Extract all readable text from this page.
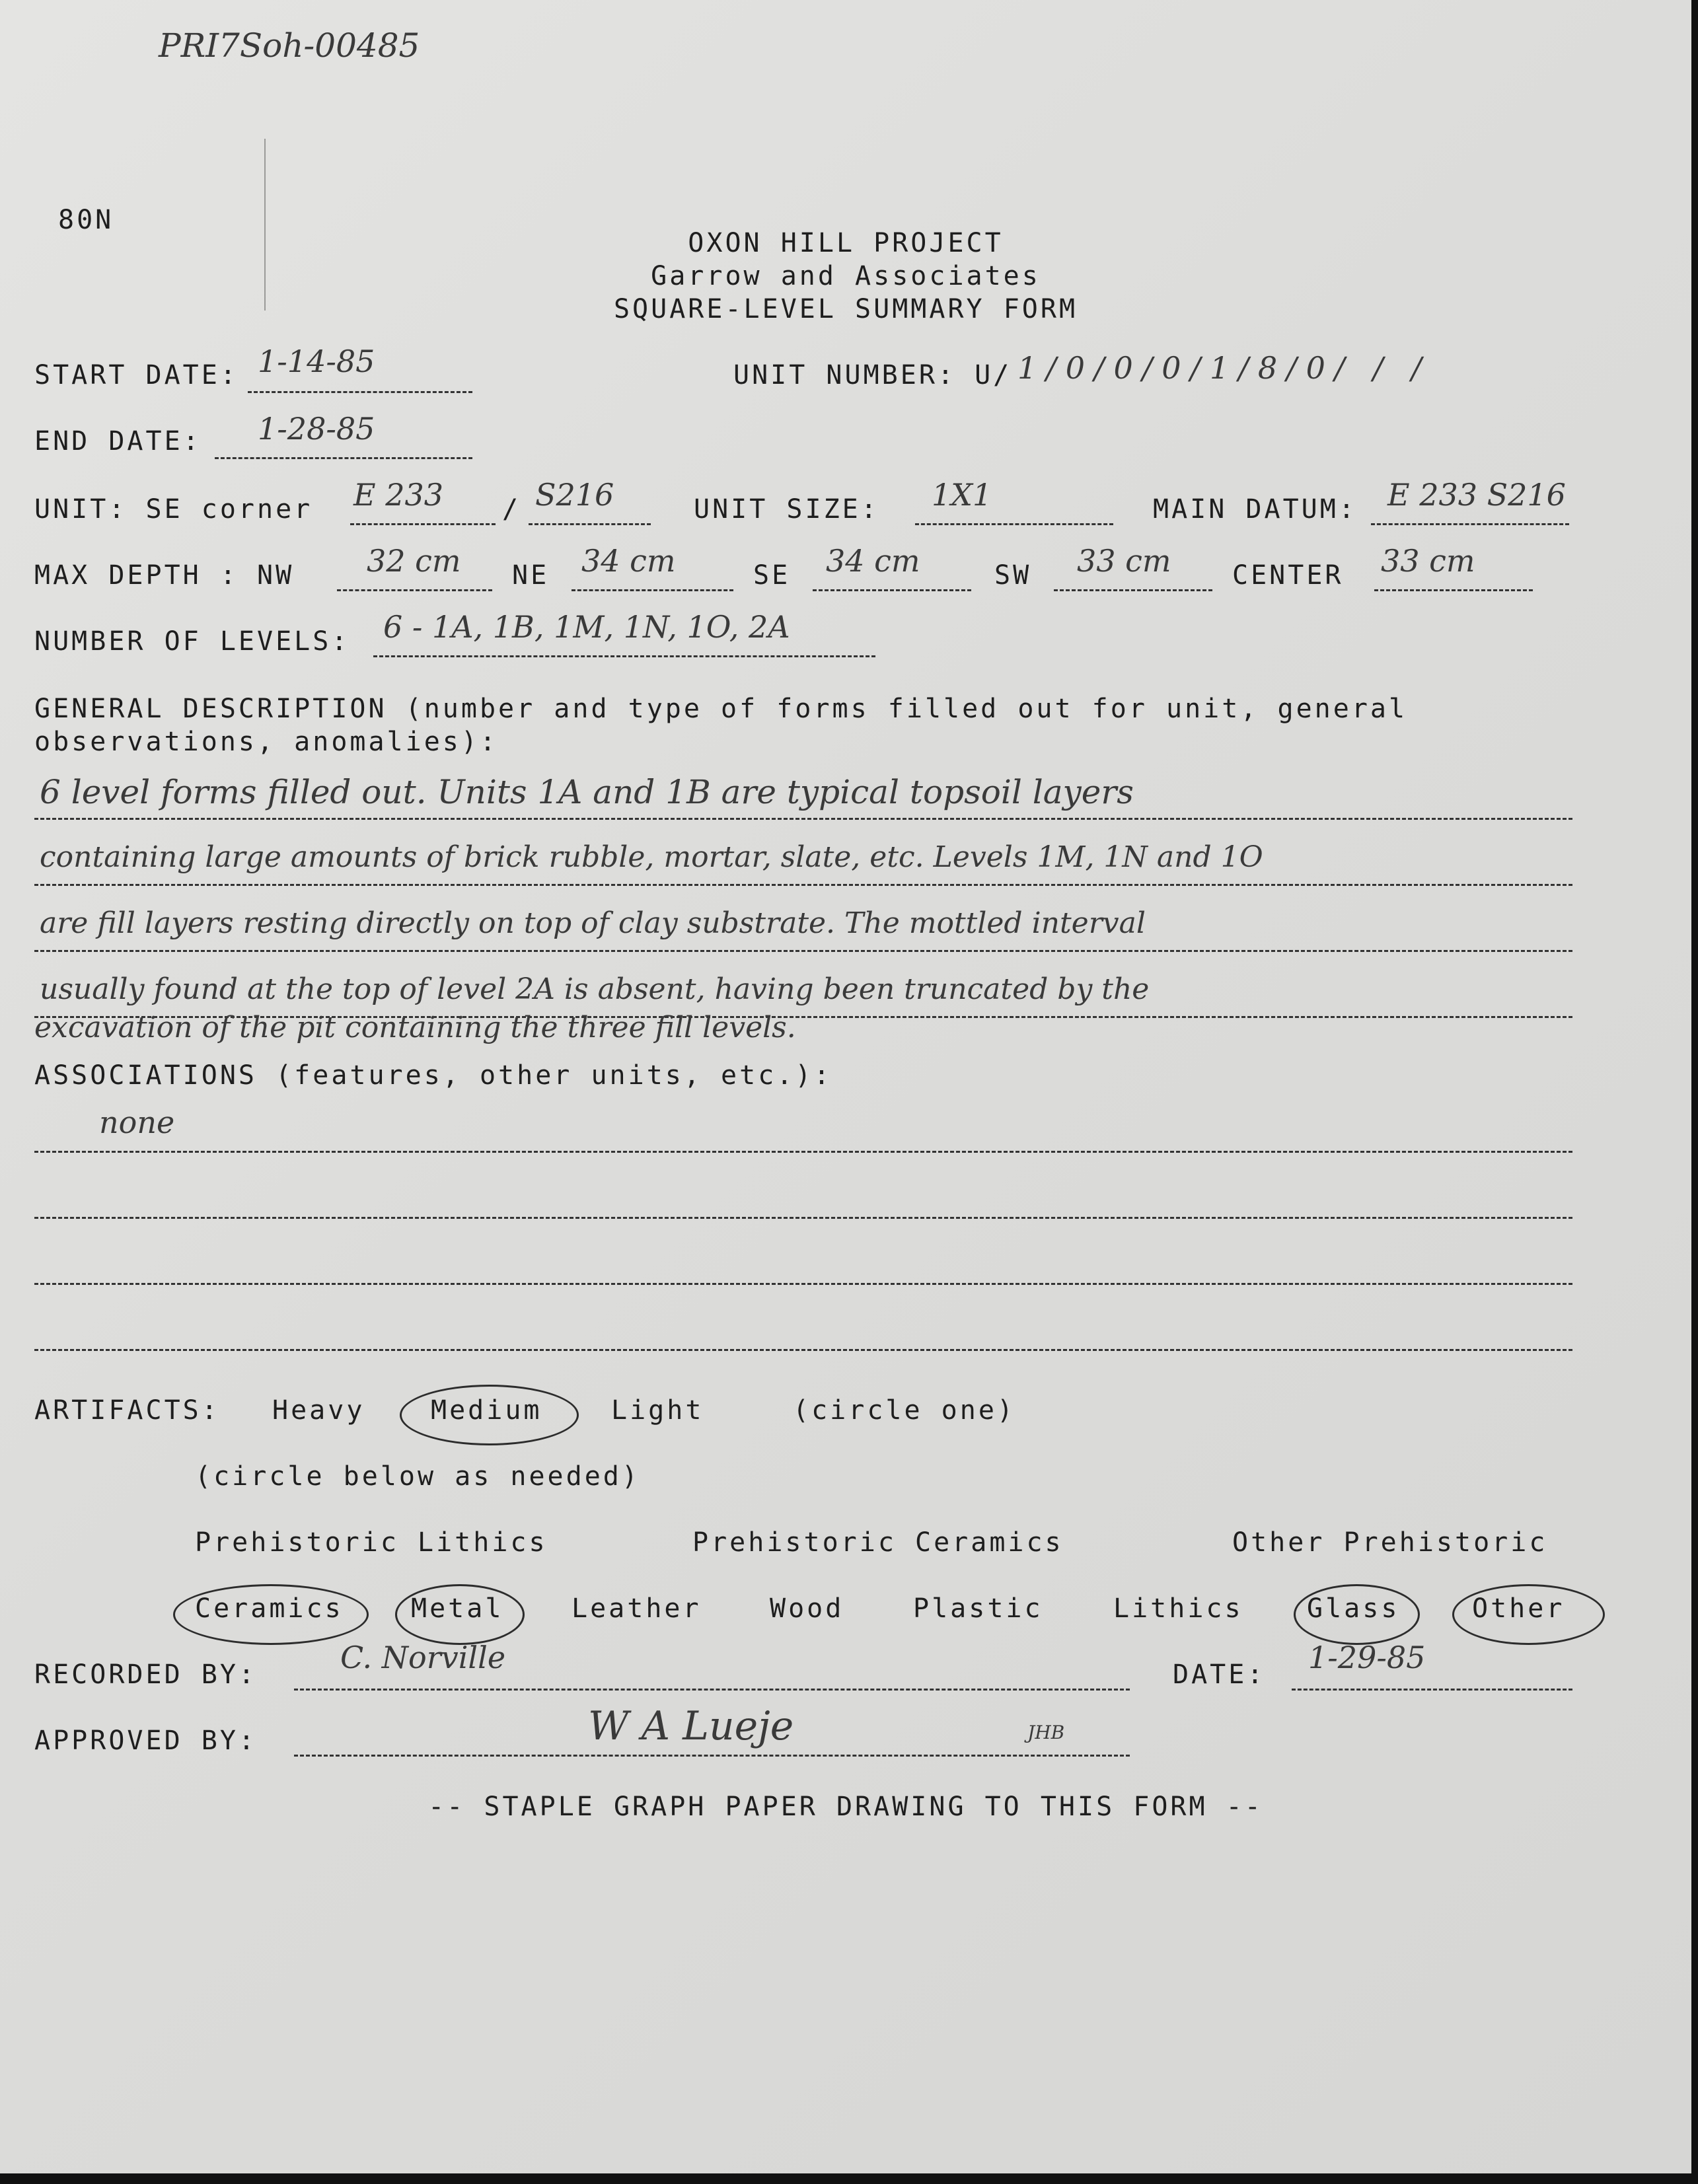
PRI7Soh-00485
80N
OXON HILL PROJECT
Garrow and Associates
SQUARE-LEVEL SUMMARY FORM
START DATE: 1-14-85	UNIT NUMBER: U/ 1/0/0/0/1/8/0/ / /
END DATE: 1-28-85
UNIT: SE corner E 233 / S216	UNIT SIZE: 1X1	MAIN DATUM: E 233 S216
MAX DEPTH : NW 32 cm NE 34 cm	SE 34 cm	SW 33 cm CENTER 33 cm
NUMBER OF LEVELS: 6 - 1A, 1B, 1M, 1N, 1O, 2A
GENERAL DESCRIPTION (number and type of forms filled out for unit, general
observations, anomalies):
6 level forms filled out. Units 1A and 1B are typical topsoil layers
containing large amounts of brick rubble, mortar, slate, etc. Levels 1M, 1N and 1O
are fill layers resting directly on top of clay substrate. The mottled interval
usually found at the top of level 2A is absent, having been truncated by the
excavation of the pit containing the three fill levels.
ASSOCIATIONS (features, other units, etc.):
none
ARTIFACTS: Heavy Medium	Light	(circle one)
(circle below as needed)
Prehistoric Lithics	Prehistoric Ceramics	Other Prehistoric
Ceramics	Metal	Leather	Wood	Plastic	Lithics Glass	Other
RECORDED BY:	C. Norville	DATE: 1-29-85
APPROVED BY:	W A Lueje	JHB
-- STAPLE GRAPH PAPER DRAWING TO THIS FORM --
